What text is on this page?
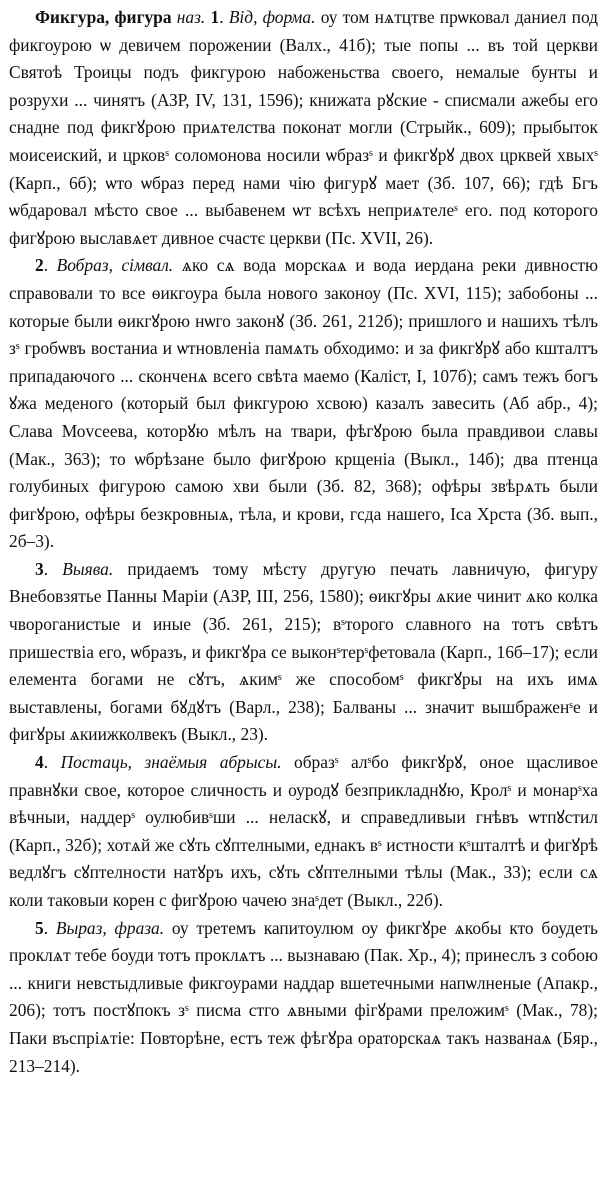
Фикгура, фигура наз. 1. Від, форма. оу том нѧтцтве прѡковал даниел под фикгоурою ѡ девичем порожении (Валх., 41б); тые попы ... въ той церкви Святоѣ Троицы подъ фикгурою набоженьства своего, немалые бунты и розрухи ... чинятъ (АЗР, IV, 131, 1596); книжата рꙋские - списмали ажебы его снадне под фикгꙋрою приѧтелства поконат могли (Стрыйк., 609); прыбыток моисеиский, и црковˢ соломонова носили ѡбразˢ и фикгꙋрꙋ двох црквей хвыхˢ (Карп., 6б); ѡто ѡбраз перед нами чію фигурꙋ мает (Зб. 107, 66); гдѣ Бгъ ѡбдаровал мѣсто свое ... выбавенем ѡт всѣхъ неприѧтелеˢ его. под которого фигꙋрою выславѧет дивное счастє церкви (Пс. XVII, 26).

2. Вобраз, сімвал. ѧко сѧ вода морскаѧ и вода иердана реки дивностю справовали то все ѳикгоура была нового законоу (Пс. XVI, 115); забобоны ... которые были ѳикгꙋрою нѡго законꙋ (Зб. 261, 212б); пришлого и нашихъ тѣлъ зˢ гробѡвъ востаниа и ѡтновленіа памѧть обходимо: и за фикгꙋрꙋ або кшталтъ припадаючого ... сконченѧ всего свѣта маемо (Каліст, I, 107б); самъ тежъ богъ ꙋжа меденого (который был фикгурою хсвою) казалъ завесить (Аб абр., 4); Слава Моvсеева, которꙋю мѣлъ на твари, фѣгꙋрою была правдивои славы (Мак., 363); то ѡбрѣзане было фигꙋрою крщеніа (Выкл., 14б); два птенца голубиных фигурою самою хви были (Зб. 82, 368); офѣры звѣрѧть были фигꙋрою, офѣры безкровныѧ, тѣла, и крови, гсда нашего, Іса Хрста (Зб. вып., 2б–3).

3. Выява. придаемъ тому мѣсту другую печать лавничую, фигуру Внебовзятье Панны Маріи (АЗР, III, 256, 1580); ѳикгꙋры ѧкие чинит ѧко колка чвороганистые и иные (Зб. 261, 215); вˢторого славного на тотъ свѣтъ пришествіа его, ѡбразъ, и фикгꙋра се выконˢтерˢфетовала (Карп., 16б–17); если елемента богами не сꙋтъ, ѧкимˢ же способомˢ фикгꙋры на ихъ имѧ выставлены, богами бꙋдꙋтъ (Варл., 238); Балваны ... значит вышбраженˢе и фигꙋры ѧкиижколвекъ (Выкл., 23).

4. Постаць, знаёмыя абрысы. образˢ алˢбо фикгꙋрꙋ, оное щасливое правнꙋки свое, которое сличность и оуродꙋ безприкладнꙋю, Кролˢ и монарˢха вѣчныи, наддерˢ оулюбивˢши ... неласкꙋ, и справедливыи гнѣвъ ѡтпꙋстил (Карп., 32б); хотѧй же сꙋть сꙋптелными, еднакъ вˢ истности кˢшталтѣ и фигꙋрѣ ведлꙋгъ сꙋптелности натꙋръ ихъ, сꙋть сꙋптелными тѣлы (Мак., 33); если сѧ коли таковыи корен с фигꙋрою чачею знаˢдет (Выкл., 22б).

5. Выраз, фраза. оу третемъ капитоулюм оу фикгꙋре ѧкобы кто боудеть проклѧт тебе боуди тотъ проклѧтъ ... вызнаваю (Пак. Хр., 4); принеслъ з собою ... книги невстыдливые фикгоурами наддар вшетечными напѡлненые (Апакр., 206); тотъ постꙋпокъ зˢ писма стго ѧвными фігꙋрами преложимˢ (Мак., 78); Паки въспріѧтіе: Повторѣне, естъ теж фѣгꙋра ораторскаѧ такъ названаѧ (Бяр., 213–214).
